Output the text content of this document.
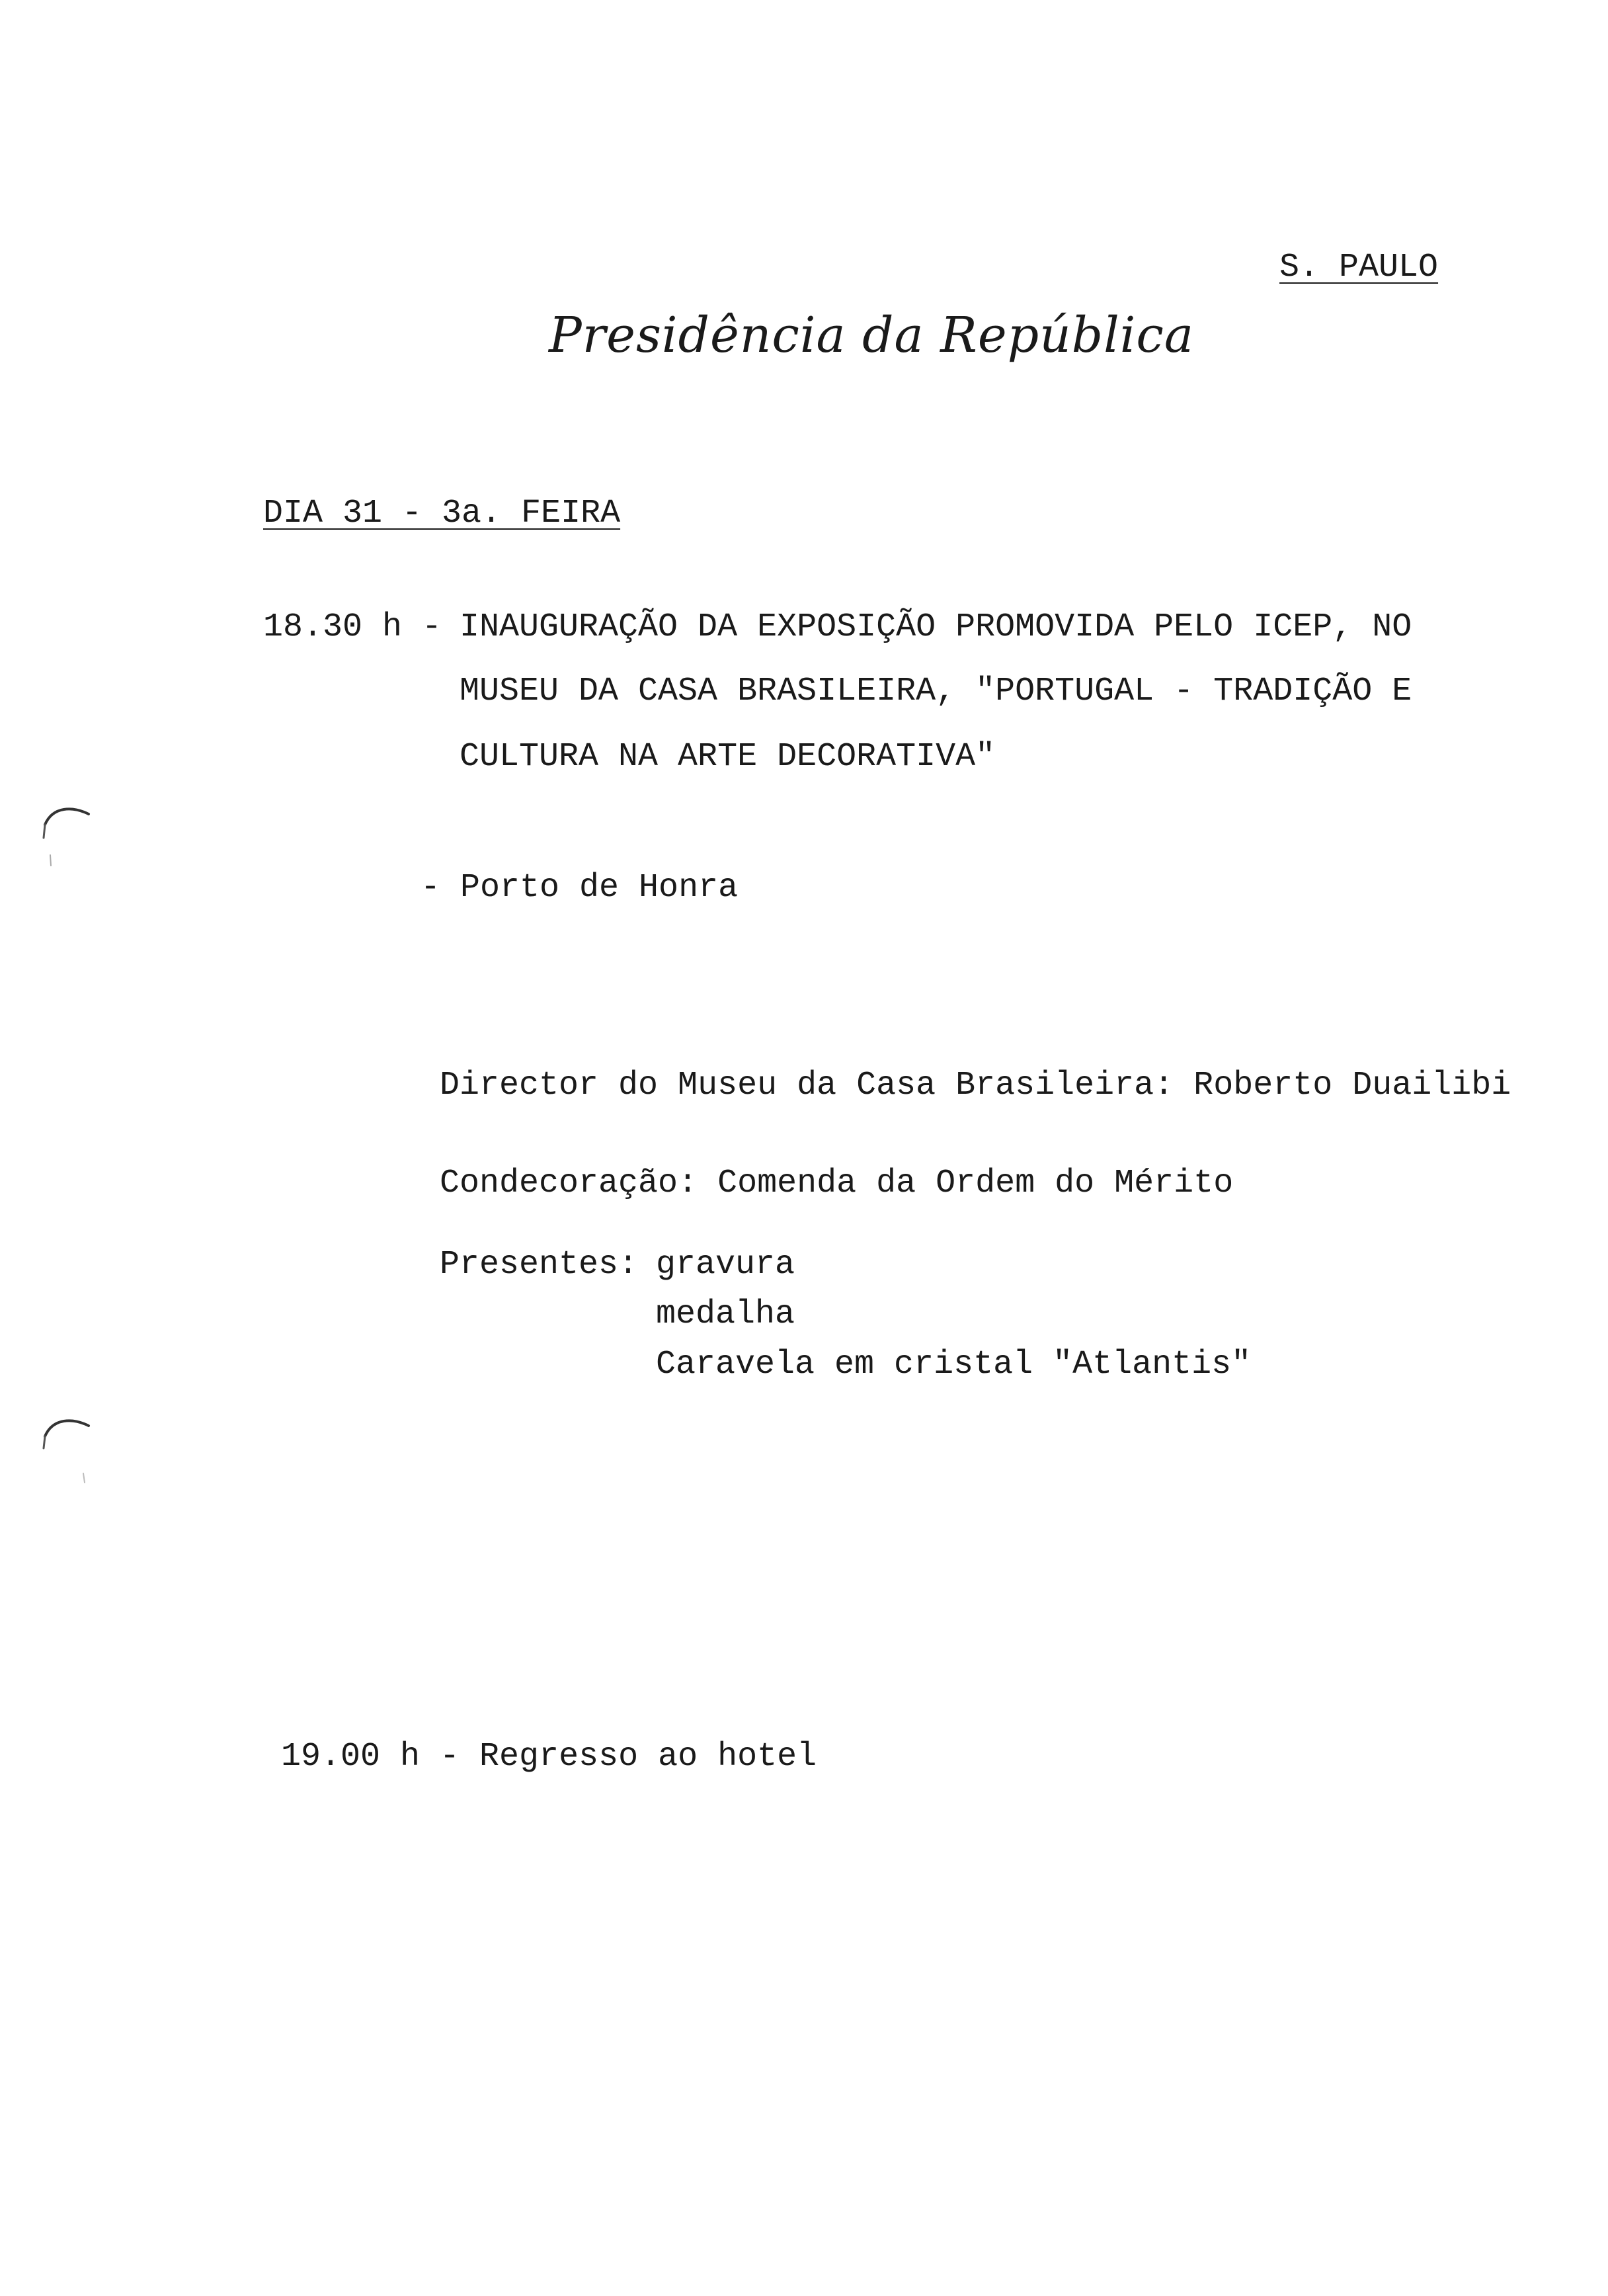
S. PAULO
Presidência da República
DIA 31 - 3a. FEIRA
18.30 h - INAUGURAÇÃO DA EXPOSIÇÃO PROMOVIDA PELO ICEP, NO
MUSEU DA CASA BRASILEIRA, "PORTUGAL - TRADIÇÃO E
CULTURA NA ARTE DECORATIVA"
- Porto de Honra
Director do Museu da Casa Brasileira: Roberto Duailibi
Condecoração: Comenda da Ordem do Mérito
Presentes: gravura
medalha
Caravela em cristal "Atlantis"
19.00 h - Regresso ao hotel
